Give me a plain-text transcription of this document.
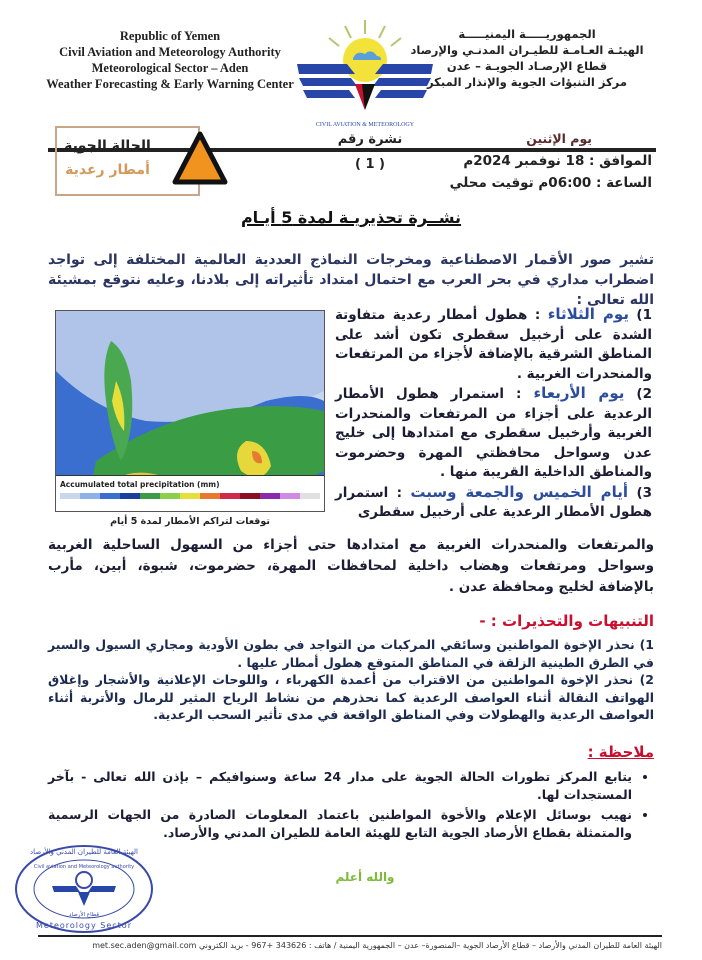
Republic of Yemen
Civil Aviation and Meteorology Authority
Meteorological Sector – Aden
Weather Forecasting & Early Warning Center
CIVIL AVIATION & METEOROLOGY
الجمهوريـــــة اليمنيـــــة
الهيئـة العـامـة للطيـران المدنـي والإرصاد
قطاع الإرصـاد الجويـة – عدن
مركز التنبؤات الجوية والإنذار المبكر
الحالة الجوية
أمطار رعدية
نشرة رقم
( 1 )
يوم الإثنين
الموافق : 18 نوفمبر 2024م
الساعة : 06:00م توقيت محلي
نشــرة تحذيريـة لمدة 5 أيـام
تشير صور الأقمار الاصطناعية ومخرجات النماذج العددية العالمية المختلفة إلى تواجد اضطراب مداري في بحر العرب مع احتمال امتداد تأثيراته إلى بلادنا، وعليه نتوقع بمشيئة الله تعالى :
Accumulated total precipitation (mm)
توقعات لتراكم الأمطار لمدة 5 أيام
1) يوم الثلاثاء : هطول أمطار رعدية متفاوتة الشدة على أرخبيل سقطرى تكون أشد على المناطق الشرقية بالإضافة لأجزاء من المرتفعات والمنحدرات الغربية .
2) يوم الأربعاء : استمرار هطول الأمطار الرعدية على أجزاء من المرتفعات والمنحدرات الغربية وأرخبيل سقطرى مع امتدادها إلى خليج عدن وسواحل محافظتي المهرة وحضرموت والمناطق الداخلية القريبة منها .
3) أيام الخميس والجمعة وسبت : استمرار هطول الأمطار الرعدية على أرخبيل سقطرى
والمرتفعات والمنحدرات الغربية مع امتدادها حتى أجزاء من السهول الساحلية الغربية وسواحل ومرتفعات وهضاب داخلية لمحافظات المهرة، حضرموت، شبوة، أبين، مأرب بالإضافة لخليج ومحافظة عدن .
التنبيهات والتحذيرات : -
1) نحذر الإخوة المواطنين وسائقي المركبات من التواجد في بطون الأودية ومجاري السيول والسير في الطرق الطينية الزلقة في المناطق المتوقع هطول أمطار عليها .
2) نحذر الإخوة المواطنين من الاقتراب من أعمدة الكهرباء ، واللوحات الإعلانية والأشجار وإغلاق الهواتف النقالة أثناء العواصف الرعدية كما نحذرهم من نشاط الرياح المثير للرمال والأتربة أثناء العواصف الرعدية والهطولات وفي المناطق الواقعة في مدى تأثير السحب الرعدية.
ملاحظة :
• يتابع المركز تطورات الحالة الجوية على مدار 24 ساعة وسنوافيكم – بإذن الله تعالى - بآخر المستجدات لها.
• نهيب بوسائل الإعلام والأخوة المواطنين باعتماد المعلومات الصادرة من الجهات الرسمية والمتمثلة بقطاع الأرصاد الجوية التابع للهيئة العامة للطيران المدني والأرصاد.
الهيئة العامة للطيران المدني والأرصاد
Civil aviation and Meteorology authority
قطاع الأرصاد
Meteorology Sector
والله أعلم
الهيئة العامة للطيران المدني والأرصاد – قطاع الأرصاد الجوية –المنصورة– عدن – الجمهورية اليمنية / هاتف : 343626 +967 - بريد الكتروني met.sec.aden@gmail.com
